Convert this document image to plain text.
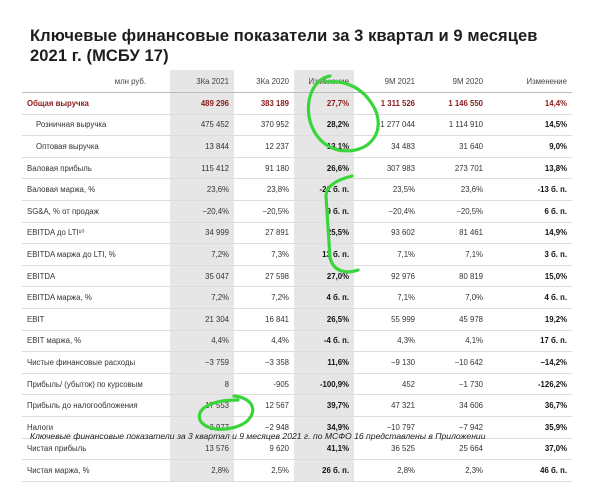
Ключевые финансовые показатели за 3 квартал и 9 месяцев 2021 г. (МСБУ 17)
млн руб.	3Ка 2021	3Ка 2020	Изменение	9М 2021	9М 2020	Изменение
Общая выручка	489 296	383 189	27,7%	1 311 526	1 146 550	14,4%
Розничная выручка	475 452	370 952	28,2%	1 277 044	1 114 910	14,5%
Оптовая выручка	13 844	12 237	13,1%	34 483	31 640	9,0%
Валовая прибыль	115 412	91 180	26,6%	307 983	273 701	13,8%
Валовая маржа, %	23,6%	23,8%	-21 б. п.	23,5%	23,6%	-13 б. п.
SG&A, % от продаж	−20,4%	−20,5%	9 б. п.	−20,4%	−20,5%	6 б. п.
EBITDA до LTI¹⁰	34 999	27 891	25,5%	93 602	81 461	14,9%
EBITDA маржа до LTI, %	7,2%	7,3%	13 б. п.	7,1%	7,1%	3 б. п.
EBITDA	35 047	27 598	27,0%	92 976	80 819	15,0%
EBITDA маржа, %	7,2%	7,2%	4 б. п.	7,1%	7,0%	4 б. п.
EBIT	21 304	16 841	26,5%	55 999	45 978	19,2%
EBIT маржа, %	4,4%	4,4%	-4 б. п.	4,3%	4,1%	17 б. п.
Чистые финансовые расходы	−3 759	−3 358	11,6%	−9 130	−10 642	−14,2%
Прибыль/ (убыток) по курсовым	8	-905	-100,9%	452	−1 730	-126,2%
Прибыль до налогообложения	17 553	12 567	39,7%	47 321	34 606	36,7%
Налоги	−3 977	−2 948	34,9%	−10 797	−7 942	35,9%
Чистая прибыль	13 576	9 620	41,1%	36 525	25 664	37,0%
Чистая маржа, %	2,8%	2,5%	26 б. п.	2,8%	2,3%	46 б. п.
Ключевые финансовые показатели за 3 квартал и 9 месяцев 2021 г. по МСФО 16 представлены в Приложении
